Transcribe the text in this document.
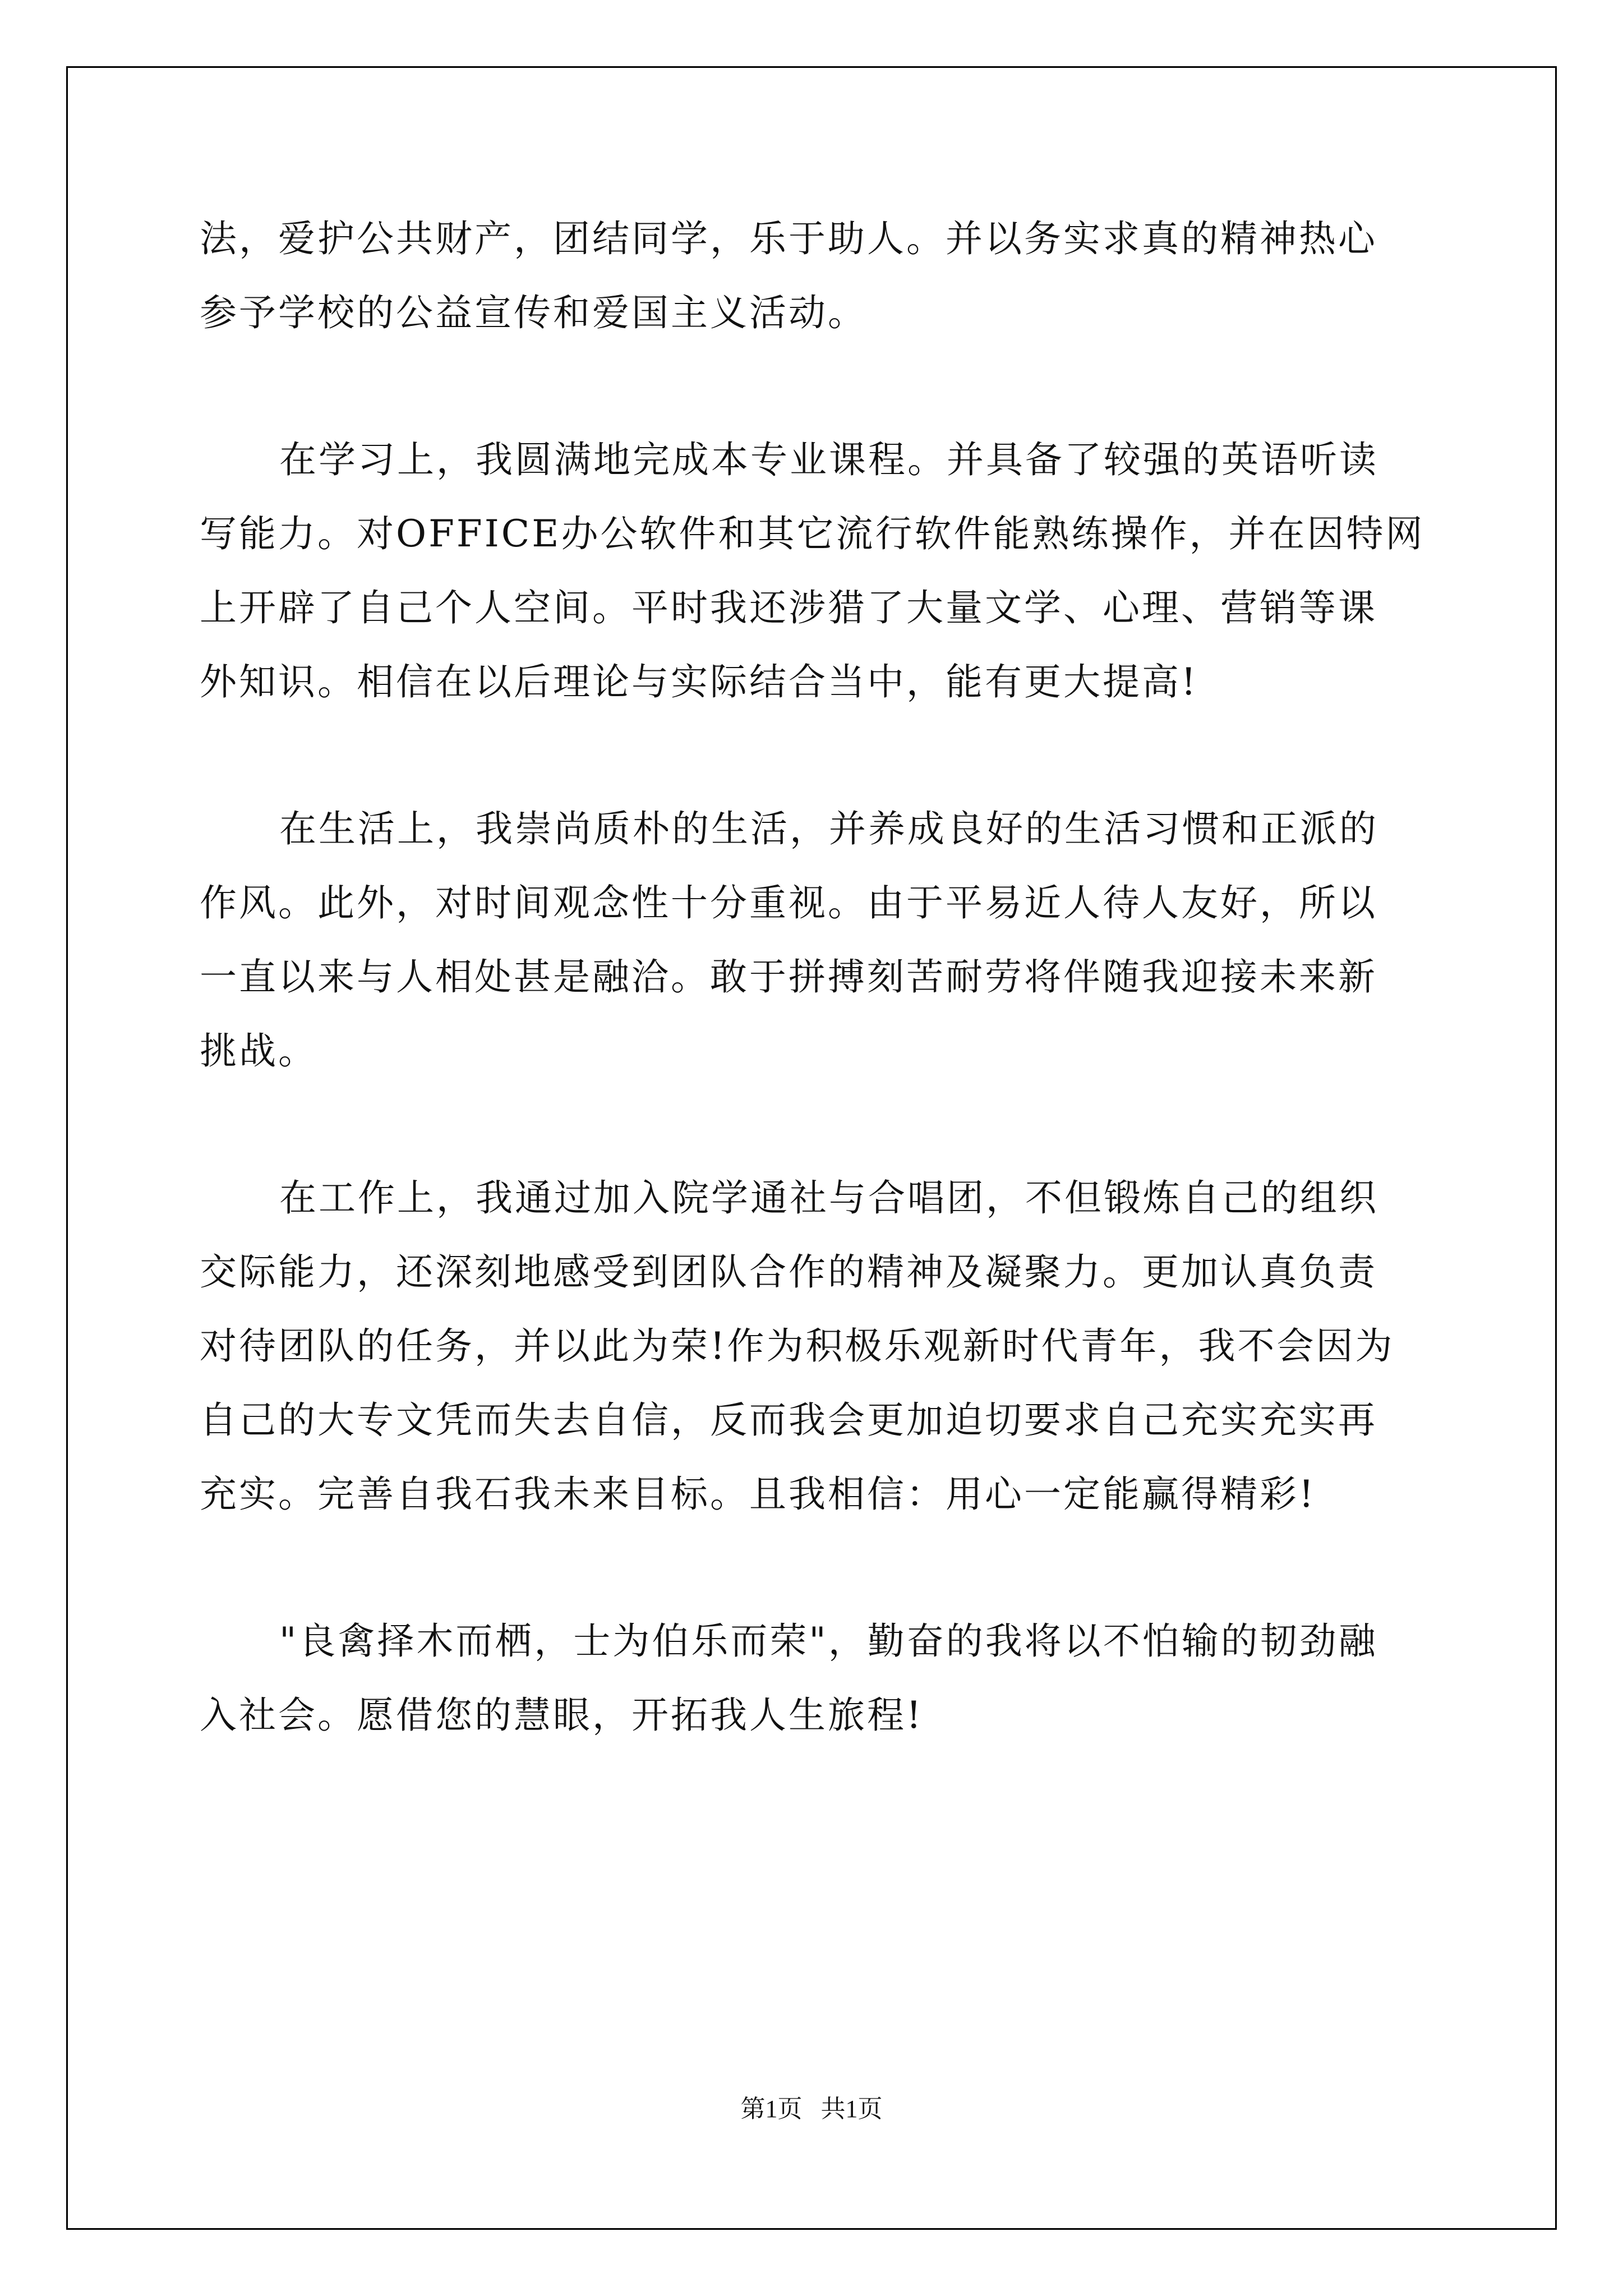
法，爱护公共财产，团结同学，乐于助人。并以务实求真的精神热心
参予学校的公益宣传和爱国主义活动。
在学习上，我圆满地完成本专业课程。并具备了较强的英语听读
写能力。对OFFICE办公软件和其它流行软件能熟练操作，并在因特网
上开辟了自己个人空间。平时我还涉猎了大量文学、心理、营销等课
外知识。相信在以后理论与实际结合当中，能有更大提高!
在生活上，我崇尚质朴的生活，并养成良好的生活习惯和正派的
作风。此外，对时间观念性十分重视。由于平易近人待人友好，所以
一直以来与人相处甚是融洽。敢于拼搏刻苦耐劳将伴随我迎接未来新
挑战。
在工作上，我通过加入院学通社与合唱团，不但锻炼自己的组织
交际能力，还深刻地感受到团队合作的精神及凝聚力。更加认真负责
对待团队的任务，并以此为荣!作为积极乐观新时代青年，我不会因为
自己的大专文凭而失去自信，反而我会更加迫切要求自己充实充实再
充实。完善自我石我未来目标。且我相信：用心一定能赢得精彩!
"良禽择木而栖，士为伯乐而荣"，勤奋的我将以不怕输的韧劲融
入社会。愿借您的慧眼，开拓我人生旅程!
第1页   共1页
